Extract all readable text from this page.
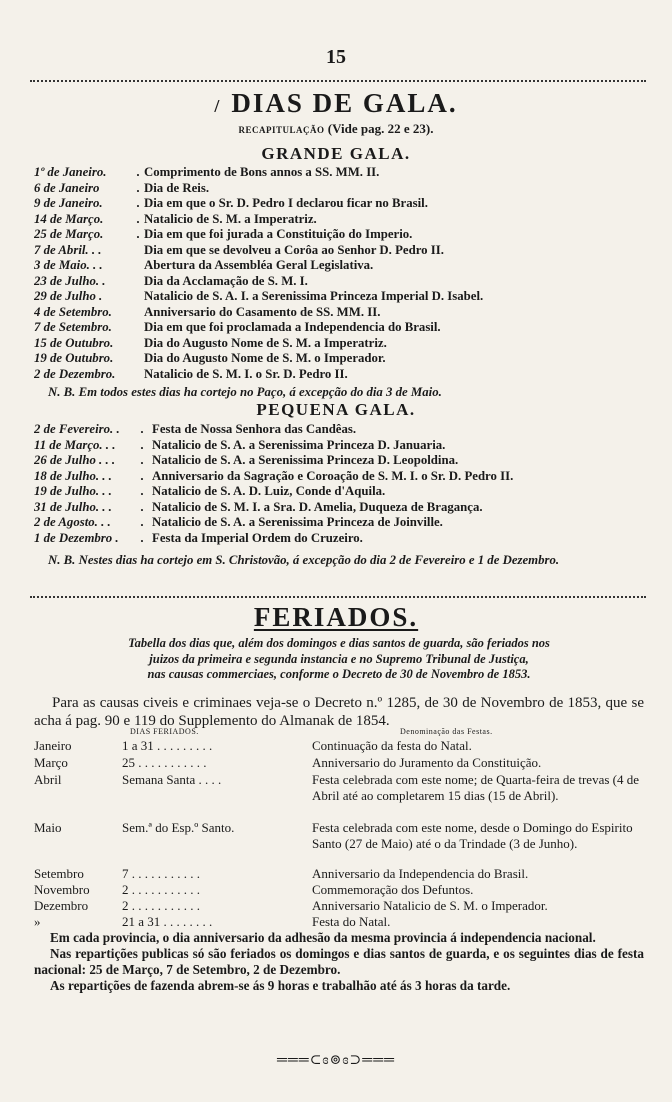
15
/ DIAS DE GALA.
RECAPITULAÇÃO (Vide pag. 22 e 23).
GRANDE GALA.
1º de Janeiro.	. Comprimento de Bons annos a SS. MM. II.
6 de Janeiro	. Dia de Reis.
9 de Janeiro.	. Dia em que o Sr. D. Pedro I declarou ficar no Brasil.
14 de Março.	. Natalicio de S. M. a Imperatriz.
25 de Março.	. Dia em que foi jurada a Constituição do Imperio.
7 de Abril. . .	Dia em que se devolveu a Corôa ao Senhor D. Pedro II.
3 de Maio. . .	Abertura da Assembléa Geral Legislativa.
23 de Julho. .	Dia da Acclamação de S. M. I.
29 de Julho .	Natalicio de S. A. I. a Serenissima Princeza Imperial D. Isabel.
4 de Setembro.	Anniversario do Casamento de SS. MM. II.
7 de Setembro.	Dia em que foi proclamada a Independencia do Brasil.
15 de Outubro.	Dia do Augusto Nome de S. M. a Imperatriz.
19 de Outubro.	Dia do Augusto Nome de S. M. o Imperador.
2 de Dezembro.	Natalicio de S. M. I. o Sr. D. Pedro II.
N. B. Em todos estes dias ha cortejo no Paço, á excepção do dia 3 de Maio.
PEQUENA GALA.
2 de Fevereiro. .	. Festa de Nossa Senhora das Candêas.
11 de Março. . .	. Natalicio de S. A. a Serenissima Princeza D. Januaria.
26 de Julho . . .	. Natalicio de S. A. a Serenissima Princeza D. Leopoldina.
18 de Julho. . .	. Anniversario da Sagração e Coroação de S. M. I. o Sr. D. Pedro II.
19 de Julho. . .	. Natalicio de S. A. D. Luiz, Conde d'Aquila.
31 de Julho. . .	. Natalicio de S. M. I. a Sra. D. Amelia, Duqueza de Bragança.
2 de Agosto. . .	. Natalicio de S. A. a Serenissima Princeza de Joinville.
1 de Dezembro .	. Festa da Imperial Ordem do Cruzeiro.
N. B. Nestes dias ha cortejo em S. Christovão, á excepção do dia 2 de Fevereiro e 1 de Dezembro.
FERIADOS.
Tabella dos dias que, além dos domingos e dias santos de guarda, são feriados nos
juizos da primeira e segunda instancia e no Supremo Tribunal de Justiça,
nas causas commerciaes, conforme o Decreto de 30 de Novembro de 1853.
Para as causas civeis e criminaes veja-se o Decreto n.º 1285, de 30 de Novembro de 1853, que se acha á pag. 90 e 119 do Supplemento do Almanak de 1854.
DIAS FERIADOS.	Denominação das Festas.
Janeiro	1 a 31 . . . . . . . . .	Continuação da festa do Natal.
Março	25 . . . . . . . . . . .	Anniversario do Juramento da Constituição.
Abril	Semana Santa . . . .	Festa celebrada com este nome; de Quarta-feira de trevas (4 de Abril até ao completarem 15 dias (15 de Abril).
Maio	Sem.ª do Esp.º Santo.	Festa celebrada com este nome, desde o Domingo do Espirito Santo (27 de Maio) até o da Trindade (3 de Junho).
Setembro	7 . . . . . . . . . . .	Anniversario da Independencia do Brasil.
Novembro	2 . . . . . . . . . . .	Commemoração dos Defuntos.
Dezembro	2 . . . . . . . . . . .	Anniversario Natalicio de S. M. o Imperador.
»	21 a 31 . . . . . . . .	Festa do Natal.

Em cada provincia, o dia anniversario da adhesão da mesma provincia á independencia nacional.

Nas repartições publicas só são feriados os domingos e dias santos de guarda, e os seguintes dias de festa nacional: 25 de Março, 7 de Setembro, 2 de Dezembro.

As repartições de fazenda abrem-se ás 9 horas e trabalhão até ás 3 horas da tarde.

═══⊂ɞ⊚ɞ⊃═══
